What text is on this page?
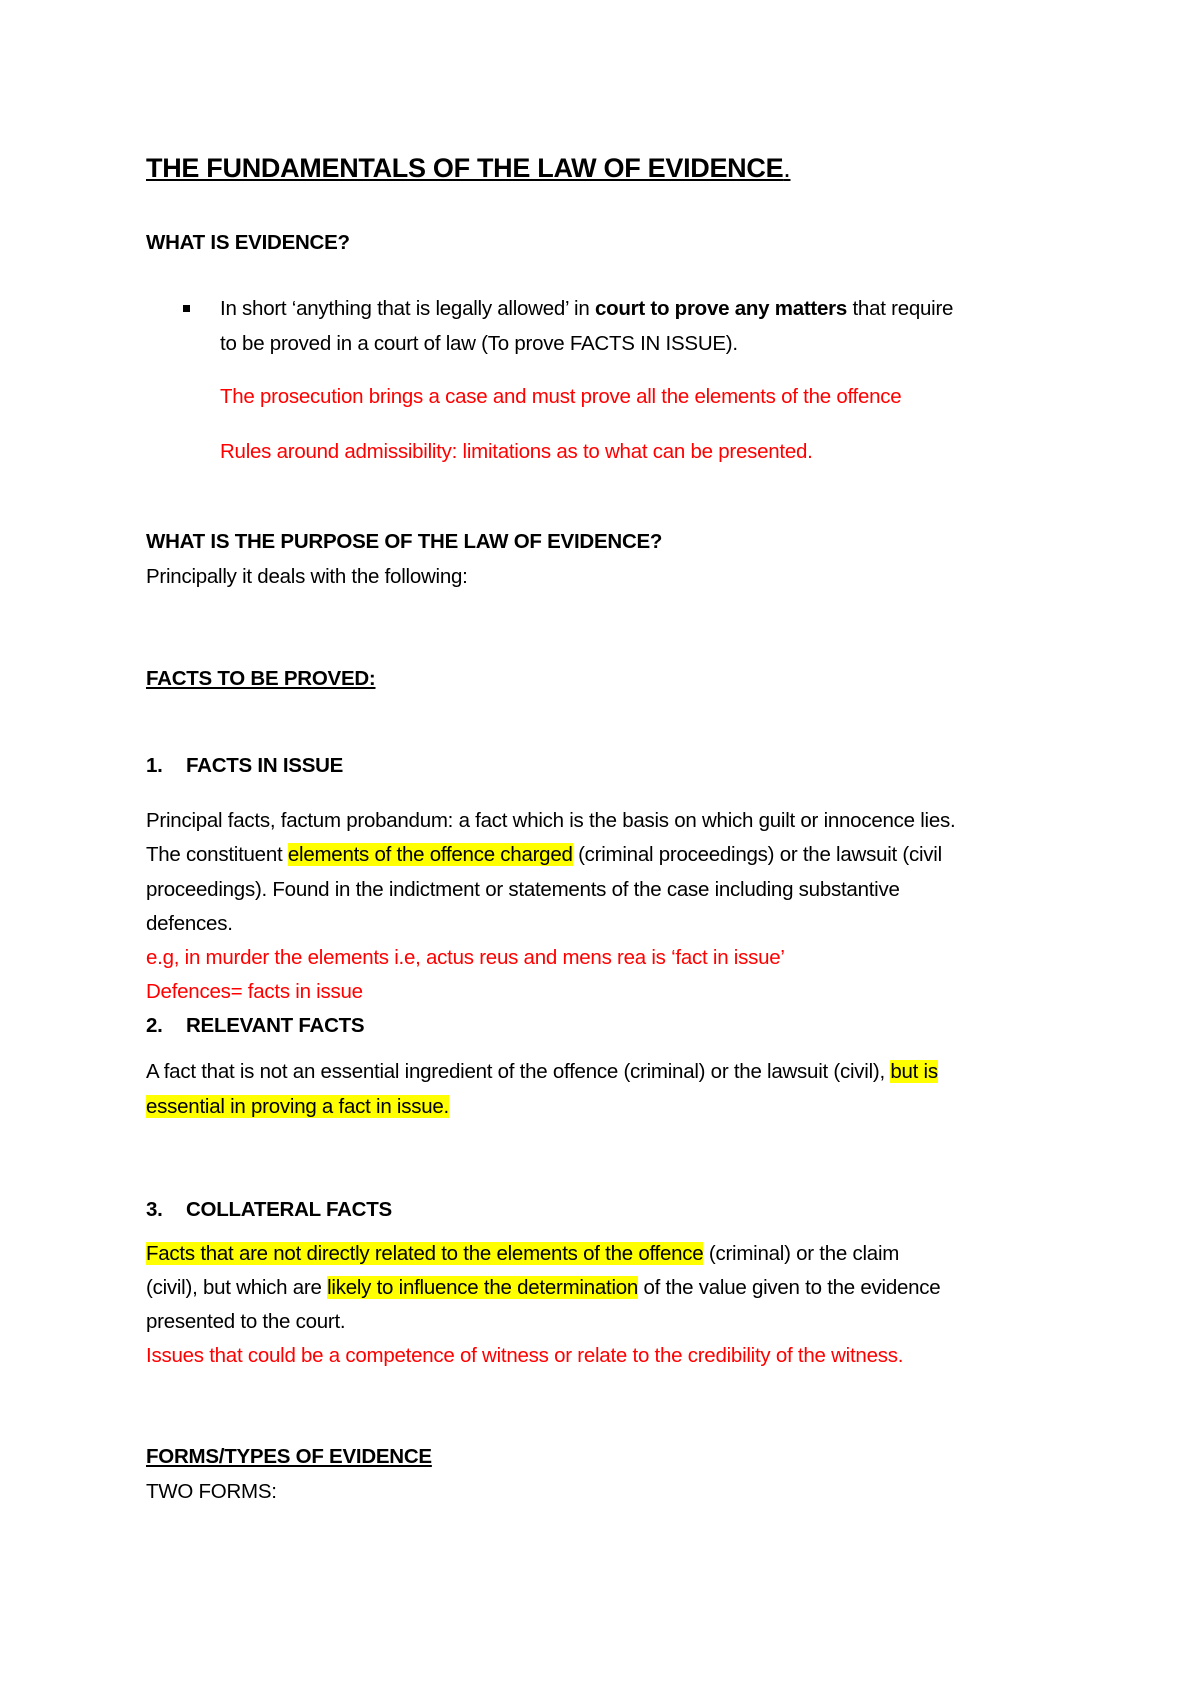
THE FUNDAMENTALS OF THE LAW OF EVIDENCE.
WHAT IS EVIDENCE?
In short ‘anything that is legally allowed’ in court to prove any matters that require
to be proved in a court of law (To prove FACTS IN ISSUE).
The prosecution brings a case and must prove all the elements of the offence
Rules around admissibility: limitations as to what can be presented.
WHAT IS THE PURPOSE OF THE LAW OF EVIDENCE?
Principally it deals with the following:
FACTS TO BE PROVED:
1. FACTS IN ISSUE
Principal facts, factum probandum: a fact which is the basis on which guilt or innocence lies.
The constituent elements of the offence charged (criminal proceedings) or the lawsuit (civil
proceedings). Found in the indictment or statements of the case including substantive
defences.
e.g, in murder the elements i.e, actus reus and mens rea is ‘fact in issue’
Defences= facts in issue
2. RELEVANT FACTS
A fact that is not an essential ingredient of the offence (criminal) or the lawsuit (civil), but is
essential in proving a fact in issue.
3. COLLATERAL FACTS
Facts that are not directly related to the elements of the offence (criminal) or the claim
(civil), but which are likely to influence the determination of the value given to the evidence
presented to the court.
Issues that could be a competence of witness or relate to the credibility of the witness.
FORMS/TYPES OF EVIDENCE
TWO FORMS:
